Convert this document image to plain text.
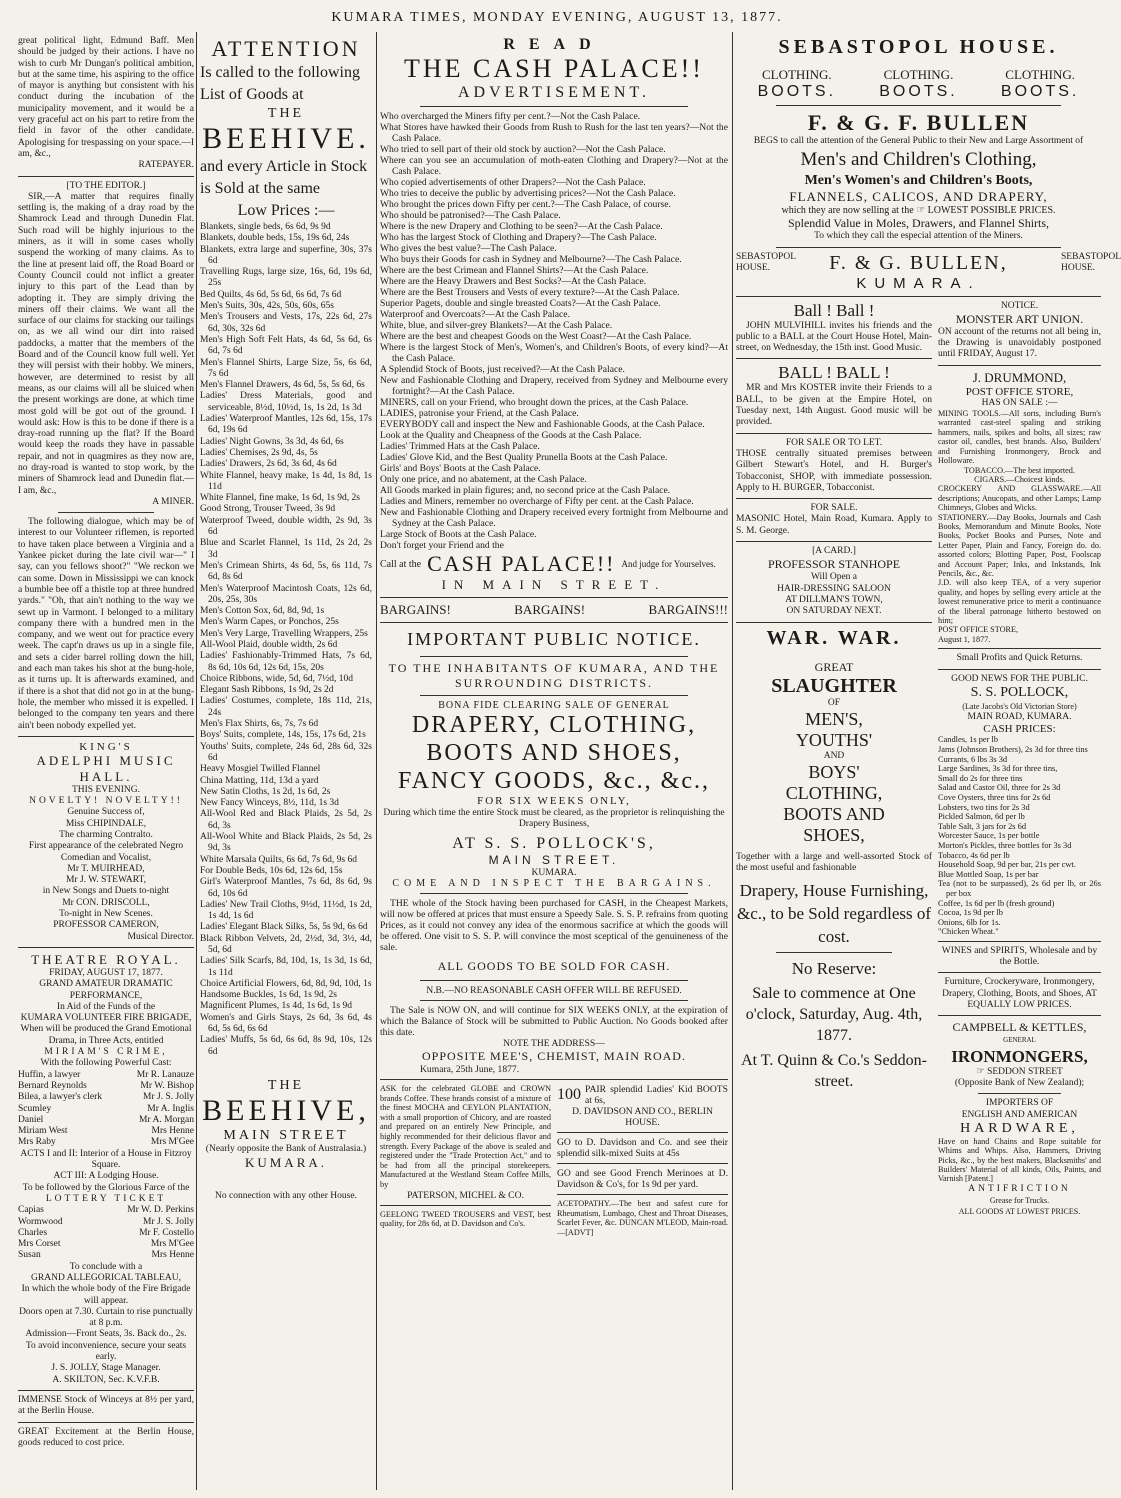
KUMARA TIMES, MONDAY EVENING, AUGUST 13, 1877.

great political light, Edmund Baff. Men should be judged by their actions. I have no wish to curb Mr Dungan's political ambition, but at the same time, his aspiring to the office of mayor is anything but consistent with his conduct during the incubation of the municipality movement, and it would be a very graceful act on his part to retire from the field in favor of the other candidate. Apologising for trespassing on your space.—I am, &c.,

RATEPAYER.

[TO THE EDITOR.]

SIR,—A matter that requires finally settling is, the making of a dray road by the Shamrock Lead and through Dunedin Flat. Such road will be highly injurious to the miners, as it will in some cases wholly suspend the working of many claims. As to the line at present laid off, the Road Board or County Council could not inflict a greater injury to this part of the Lead than by adopting it. They are simply driving the miners off their claims. We want all the surface of our claims for stacking our tailings on, as we all wind our dirt into raised paddocks, a matter that the members of the Board and of the Council know full well. Yet they will persist with their hobby. We miners, however, are determined to resist by all means, as our claims will all be sluiced when the present workings are done, at which time most gold will be got out of the ground. I would ask: How is this to be done if there is a dray-road running up the flat? If the Board would keep the roads they have in passable repair, and not in quagmires as they now are, no dray-road is wanted to stop work, by the miners of Shamrock lead and Dunedin flat.—I am, &c.,

A MINER.

The following dialogue, which may be of interest to our Volunteer riflemen, is reported to have taken place between a Virginia and a Yankee picket during the late civil war—" I say, can you fellows shoot?" "We reckon we can some. Down in Mississippi we can knock a bumble bee off a thistle top at three hundred yards." "Oh, that ain't nothing to the way we sewt up in Varmont. I belonged to a military company there with a hundred men in the company, and we went out for practice every week. The capt'n draws us up in a single file, and sets a cider barrel rolling down the hill, and each man takes his shot at the bung-hole, as it turns up. It is afterwards examined, and if there is a shot that did not go in at the bung-hole, the member who missed it is expelled. I belonged to the company ten years and there ain't been nobody expelled yet.

KING'S

ADELPHI MUSIC HALL.

THIS EVENING.

NOVELTY! NOVELTY!!

Genuine Success of,

Miss CHIPINDALE,

The charming Contralto.

First appearance of the celebrated Negro Comedian and Vocalist,

Mr T. MUIRHEAD,

Mr J. W. STEWART,

in New Songs and Duets to-night

Mr CON. DRISCOLL,

To-night in New Scenes.

PROFESSOR CAMERON,

Musical Director.

THEATRE ROYAL.

FRIDAY, AUGUST 17, 1877.

GRAND AMATEUR DRAMATIC PERFORMANCE,

In Aid of the Funds of the

KUMARA VOLUNTEER FIRE BRIGADE,

When will be produced the Grand Emotional Drama, in Three Acts, entitled

MIRIAM'S CRIME,

With the following Powerful Cast:

Huffin, a lawyer	Mr R. Lanauze
Bernard Reynolds	Mr W. Bishop
Bilea, a lawyer's clerk	Mr J. S. Jolly
Scumley	Mr A. Inglis
Daniel	Mr A. Morgan
Miriam West	Mrs Henne
Mrs Raby	Mrs M'Gee

ACTS I and II: Interior of a House in Fitzroy Square.

ACT III: A Lodging House.

To be followed by the Glorious Farce of the

LOTTERY TICKET

Capias	Mr W. D. Perkins
Wormwood	Mr J. S. Jolly
Charles	Mr F. Costello
Mrs Corset	Mrs M'Gee
Susan	Mrs Henne

To conclude with a

GRAND ALLEGORICAL TABLEAU,

In which the whole body of the Fire Brigade will appear.

Doors open at 7.30. Curtain to rise punctually at 8 p.m.

Admission—Front Seats, 3s. Back do., 2s.

To avoid inconvenience, secure your seats early.

J. S. JOLLY, Stage Manager.

A. SKILTON, Sec. K.V.F.B.

IMMENSE Stock of Winceys at 8½ per yard, at the Berlin House.

GREAT Excitement at the Berlin House, goods reduced to cost price.

ATTENTION

Is called to the following List of Goods at

THE

BEEHIVE.

and every Article in Stock is Sold at the same

Low Prices :—

Blankets, single beds, 6s 6d, 9s 9d

Blankets, double beds, 15s, 19s 6d, 24s

Blankets, extra large and superfine, 30s, 37s 6d

Travelling Rugs, large size, 16s, 6d, 19s 6d, 25s

Bed Quilts, 4s 6d, 5s 6d, 6s 6d, 7s 6d

Men's Suits, 30s, 42s, 50s, 60s, 65s

Men's Trousers and Vests, 17s, 22s 6d, 27s 6d, 30s, 32s 6d

Men's High Soft Felt Hats, 4s 6d, 5s 6d, 6s 6d, 7s 6d

Men's Flannel Shirts, Large Size, 5s, 6s 6d, 7s 6d

Men's Flannel Drawers, 4s 6d, 5s, 5s 6d, 6s

Ladies' Dress Materials, good and serviceable, 8½d, 10½d, 1s, 1s 2d, 1s 3d

Ladies' Waterproof Mantles, 12s 6d, 15s, 17s 6d, 19s 6d

Ladies' Night Gowns, 3s 3d, 4s 6d, 6s

Ladies' Chemises, 2s 9d, 4s, 5s

Ladies' Drawers, 2s 6d, 3s 6d, 4s 6d

White Flannel, heavy make, 1s 4d, 1s 8d, 1s 11d

White Flannel, fine make, 1s 6d, 1s 9d, 2s

Good Strong, Trouser Tweed, 3s 9d

Waterproof Tweed, double width, 2s 9d, 3s 6d

Blue and Scarlet Flannel, 1s 11d, 2s 2d, 2s 3d

Men's Crimean Shirts, 4s 6d, 5s, 6s 11d, 7s 6d, 8s 6d

Men's Waterproof Macintosh Coats, 12s 6d, 20s, 25s, 30s

Men's Cotton Sox, 6d, 8d, 9d, 1s

Men's Warm Capes, or Ponchos, 25s

Men's Very Large, Travelling Wrappers, 25s

All-Wool Plaid, double width, 2s 6d

Ladies' Fashionably-Trimmed Hats, 7s 6d, 8s 6d, 10s 6d, 12s 6d, 15s, 20s

Choice Ribbons, wide, 5d, 6d, 7½d, 10d

Elegant Sash Ribbons, 1s 9d, 2s 2d

Ladies' Costumes, complete, 18s 11d, 21s, 24s

Men's Flax Shirts, 6s, 7s, 7s 6d

Boys' Suits, complete, 14s, 15s, 17s 6d, 21s

Youths' Suits, complete, 24s 6d, 28s 6d, 32s 6d

Heavy Mosgiel Twilled Flannel

China Matting, 11d, 13d a yard

New Satin Cloths, 1s 2d, 1s 6d, 2s

New Fancy Winceys, 8½, 11d, 1s 3d

All-Wool Red and Black Plaids, 2s 5d, 2s 6d, 3s

All-Wool White and Black Plaids, 2s 5d, 2s 9d, 3s

White Marsala Quilts, 6s 6d, 7s 6d, 9s 6d

For Double Beds, 10s 6d, 12s 6d, 15s

Girl's Waterproof Mantles, 7s 6d, 8s 6d, 9s 6d, 10s 6d

Ladies' New Trail Cloths, 9½d, 11½d, 1s 2d, 1s 4d, 1s 6d

Ladies' Elegant Black Silks, 5s, 5s 9d, 6s 6d

Black Ribbon Velvets, 2d, 2½d, 3d, 3½, 4d, 5d, 6d

Ladies' Silk Scarfs, 8d, 10d, 1s, 1s 3d, 1s 6d, 1s 11d

Choice Artificial Flowers, 6d, 8d, 9d, 10d, 1s

Handsome Buckles, 1s 6d, 1s 9d, 2s

Magnificent Plumes, 1s 4d, 1s 6d, 1s 9d

Women's and Girls Stays, 2s 6d, 3s 6d, 4s 6d, 5s 6d, 6s 6d

Ladies' Muffs, 5s 6d, 6s 6d, 8s 9d, 10s, 12s 6d

THE

BEEHIVE,

MAIN STREET

(Nearly opposite the Bank of Australasia.)

KUMARA.

No connection with any other House.

READ

THE CASH PALACE!!

ADVERTISEMENT.

Who overcharged the Miners fifty per cent.?—Not the Cash Palace.

What Stores have hawked their Goods from Rush to Rush for the last ten years?—Not the Cash Palace.

Who tried to sell part of their old stock by auction?—Not the Cash Palace.

Where can you see an accumulation of moth-eaten Clothing and Drapery?—Not at the Cash Palace.

Who copied advertisements of other Drapers?—Not the Cash Palace.

Who tries to deceive the public by advertising prices?—Not the Cash Palace.

Who brought the prices down Fifty per cent.?—The Cash Palace, of course.

Who should be patronised?—The Cash Palace.

Where is the new Drapery and Clothing to be seen?—At the Cash Palace.

Who has the largest Stock of Clothing and Drapery?—The Cash Palace.

Who gives the best value?—The Cash Palace.

Who buys their Goods for cash in Sydney and Melbourne?—The Cash Palace.

Where are the best Crimean and Flannel Shirts?—At the Cash Palace.

Where are the Heavy Drawers and Best Socks?—At the Cash Palace.

Where are the Best Trousers and Vests of every texture?—At the Cash Palace.

Superior Pagets, double and single breasted Coats?—At the Cash Palace.

Waterproof and Overcoats?—At the Cash Palace.

White, blue, and silver-grey Blankets?—At the Cash Palace.

Where are the best and cheapest Goods on the West Coast?—At the Cash Palace.

Where is the largest Stock of Men's, Women's, and Children's Boots, of every kind?—At the Cash Palace.

A Splendid Stock of Boots, just received?—At the Cash Palace.

New and Fashionable Clothing and Drapery, received from Sydney and Melbourne every fortnight?—At the Cash Palace.

MINERS, call on your Friend, who brought down the prices, at the Cash Palace.

LADIES, patronise your Friend, at the Cash Palace.

EVERYBODY call and inspect the New and Fashionable Goods, at the Cash Palace.

Look at the Quality and Cheapness of the Goods at the Cash Palace.

Ladies' Trimmed Hats at the Cash Palace.

Ladies' Glove Kid, and the Best Quality Prunella Boots at the Cash Palace.

Girls' and Boys' Boots at the Cash Palace.

Only one price, and no abatement, at the Cash Palace.

All Goods marked in plain figures; and, no second price at the Cash Palace.

Ladies and Miners, remember no overcharge of Fifty per cent. at the Cash Palace.

New and Fashionable Clothing and Drapery received every fortnight from Melbourne and Sydney at the Cash Palace.

Large Stock of Boots at the Cash Palace.

Don't forget your Friend and the

Call at the CASH PALACE!! And judge for Yourselves.

IN MAIN STREET.

BARGAINS!	BARGAINS!	BARGAINS!!!

IMPORTANT PUBLIC NOTICE.

TO THE INHABITANTS OF KUMARA, AND THE SURROUNDING DISTRICTS.

BONA FIDE CLEARING SALE OF GENERAL

DRAPERY, CLOTHING,

BOOTS AND SHOES,

FANCY GOODS, &c., &c.,

FOR SIX WEEKS ONLY,

During which time the entire Stock must be cleared, as the proprietor is relinquishing the Drapery Business,

AT S. S. POLLOCK'S,

MAIN STREET.

KUMARA.

COME AND INSPECT THE BARGAINS.

THE whole of the Stock having been purchased for CASH, in the Cheapest Markets, will now be offered at prices that must ensure a Speedy Sale. S. S. P. refrains from quoting Prices, as it could not convey any idea of the enormous sacrifice at which the goods will be offered. One visit to S. S. P. will convince the most sceptical of the genuineness of the sale.

ALL GOODS TO BE SOLD FOR CASH.

N.B.—NO REASONABLE CASH OFFER WILL BE REFUSED.

The Sale is NOW ON, and will continue for SIX WEEKS ONLY, at the expiration of which the Balance of Stock will be submitted to Public Auction. No Goods booked after this date.

NOTE THE ADDRESS—

OPPOSITE MEE'S, CHEMIST, MAIN ROAD.

Kumara, 25th June, 1877.

ASK for the celebrated GLOBE and CROWN brands Coffee. These brands consist of a mixture of the finest MOCHA and CEYLON PLANTATION, with a small proportion of Chicory, and are roasted and prepared on an entirely New Principle, and highly recommended for their delicious flavor and strength. Every Package of the above is sealed and registered under the "Trade Protection Act," and to be had from all the principal storekeepers. Manufactured at the Westland Steam Coffee Mills, by

PATERSON, MICHEL & CO.

GEELONG TWEED TROUSERS and VEST, best quality, for 28s 6d, at D. Davidson and Co's.

100 PAIR splendid Ladies' Kid BOOTS at 6s,

D. DAVIDSON AND CO., BERLIN HOUSE.

GO to D. Davidson and Co. and see their splendid silk-mixed Suits at 45s

GO and see Good French Merinoes at D. Davidson & Co's, for 1s 9d per yard.

ACETOPATHY.—The best and safest cure for Rheumatism, Lumbago, Chest and Throat Diseases, Scarlet Fever, &c. DUNCAN M'LEOD, Main-road.—[ADVT]

SEBASTOPOL HOUSE.

CLOTHING.	CLOTHING.	CLOTHING.
BOOTS.	BOOTS.	BOOTS.

F. & G. F. BULLEN

BEGS to call the attention of the General Public to their New and Large Assortment of

Men's and Children's Clothing,

Men's Women's and Children's Boots,

FLANNELS, CALICOS, AND DRAPERY,

which they are now selling at the ☞ LOWEST POSSIBLE PRICES.

Splendid Value in Moles, Drawers, and Flannel Shirts,

To which they call the especial attention of the Miners.

SEBASTOPOL HOUSE.	F. & G. BULLEN,	SEBASTOPOL HOUSE.

KUMARA.

Ball ! Ball !

JOHN MULVIHILL invites his friends and the public to a BALL at the Court House Hotel, Main-street, on Wednesday, the 15th inst. Good Music.

BALL ! BALL !

MR and Mrs KOSTER invite their Friends to a BALL, to be given at the Empire Hotel, on Tuesday next, 14th August. Good music will be provided.

FOR SALE OR TO LET.

THOSE centrally situated premises between Gilbert Stewart's Hotel, and H. Burger's Tobacconist, SHOP, with immediate possession. Apply to H. BURGER, Tobacconist.

FOR SALE.

MASONIC Hotel, Main Road, Kumara. Apply to S. M. George.

[A CARD.]

PROFESSOR STANHOPE

Will Open a

HAIR-DRESSING SALOON

AT DILLMAN'S TOWN,

ON SATURDAY NEXT.

WAR. WAR.

GREAT

SLAUGHTER

OF

MEN'S,

YOUTHS'

AND

BOYS'

CLOTHING,

BOOTS AND

SHOES,

Together with a large and well-assorted Stock of the most useful and fashionable

Drapery, House Furnishing, &c., to be Sold regardless of cost.

No Reserve:

Sale to commence at One o'clock, Saturday, Aug. 4th, 1877.

At T. Quinn & Co.'s Seddon-street.

NOTICE.

MONSTER ART UNION.

ON account of the returns not all being in, the Drawing is unavoidably postponed until FRIDAY, August 17.

J. DRUMMOND,

POST OFFICE STORE,

HAS ON SALE :—

MINING TOOLS.—All sorts, including Burn's warranted cast-steel spaling and striking hammers, nails, spikes and bolts, all sizes; raw castor oil, candles, best brands. Also, Builders' and Furnishing Ironmongery, Brock and Holloware.

TOBACCO.—The best imported.

CIGARS.—Choicest kinds.

CROCKERY AND GLASSWARE.—All descriptions; Anucopats, and other Lamps; Lamp Chimneys, Globes and Wicks.

STATIONERY.—Day Books, Journals and Cash Books, Memorandum and Minute Books, Note Books, Pocket Books and Purses, Note and Letter Paper, Plain and Fancy, Foreign do. do. assorted colors; Blotting Paper, Post, Foolscap and Account Paper; Inks, and Inkstands, Ink Pencils, &c., &c.

J.D. will also keep TEA, of a very superior quality, and hopes by selling every article at the lowest remunerative price to merit a continuance of the liberal patronage hitherto bestowed on him;

POST OFFICE STORE,

August 1, 1877.

Small Profits and Quick Returns.

GOOD NEWS FOR THE PUBLIC.

S. S. POLLOCK,

(Late Jacobs's Old Victorian Store)

MAIN ROAD, KUMARA.

CASH PRICES:

Candles, 1s per lb

Jams (Johnson Brothers), 2s 3d for three tins

Currants, 6 lbs 3s 3d

Large Sardines, 3s 3d for three tins,

Small do 2s for three tins

Salad and Castor Oil, three for 2s 3d

Cove Oysters, three tins for 2s 6d

Lobsters, two tins for 2s 3d

Pickled Salmon, 6d per lb

Table Salt, 3 jars for 2s 6d

Worcester Sauce, 1s per bottle

Morton's Pickles, three bottles for 3s 3d

Tobacco, 4s 6d per lb

Household Soap, 9d per bar, 21s per cwt.

Blue Mottled Soap, 1s per bar

Tea (not to be surpassed), 2s 6d per lb, or 26s per box

Coffee, 1s 6d per lb (fresh ground)

Cocoa, 1s 9d per lb

Onions, 6lb for 1s.

"Chicken Wheat."

WINES and SPIRITS, Wholesale and by the Bottle.

Furniture, Crockeryware, Ironmongery, Drapery, Clothing, Boots, and Shoes, AT EQUALLY LOW PRICES.

CAMPBELL & KETTLES,

GENERAL

IRONMONGERS,

☞ SEDDON STREET

(Opposite Bank of New Zealand);

IMPORTERS OF

ENGLISH AND AMERICAN

HARDWARE,

Have on hand Chains and Rope suitable for Whims and Whips. Also, Hammers, Driving Picks, &c., by the best makers, Blacksmiths' and Builders' Material of all kinds, Oils, Paints, and Varnish [Patent.]

ANTIFRICTION

Grease for Trucks.

ALL GOODS AT LOWEST PRICES.
